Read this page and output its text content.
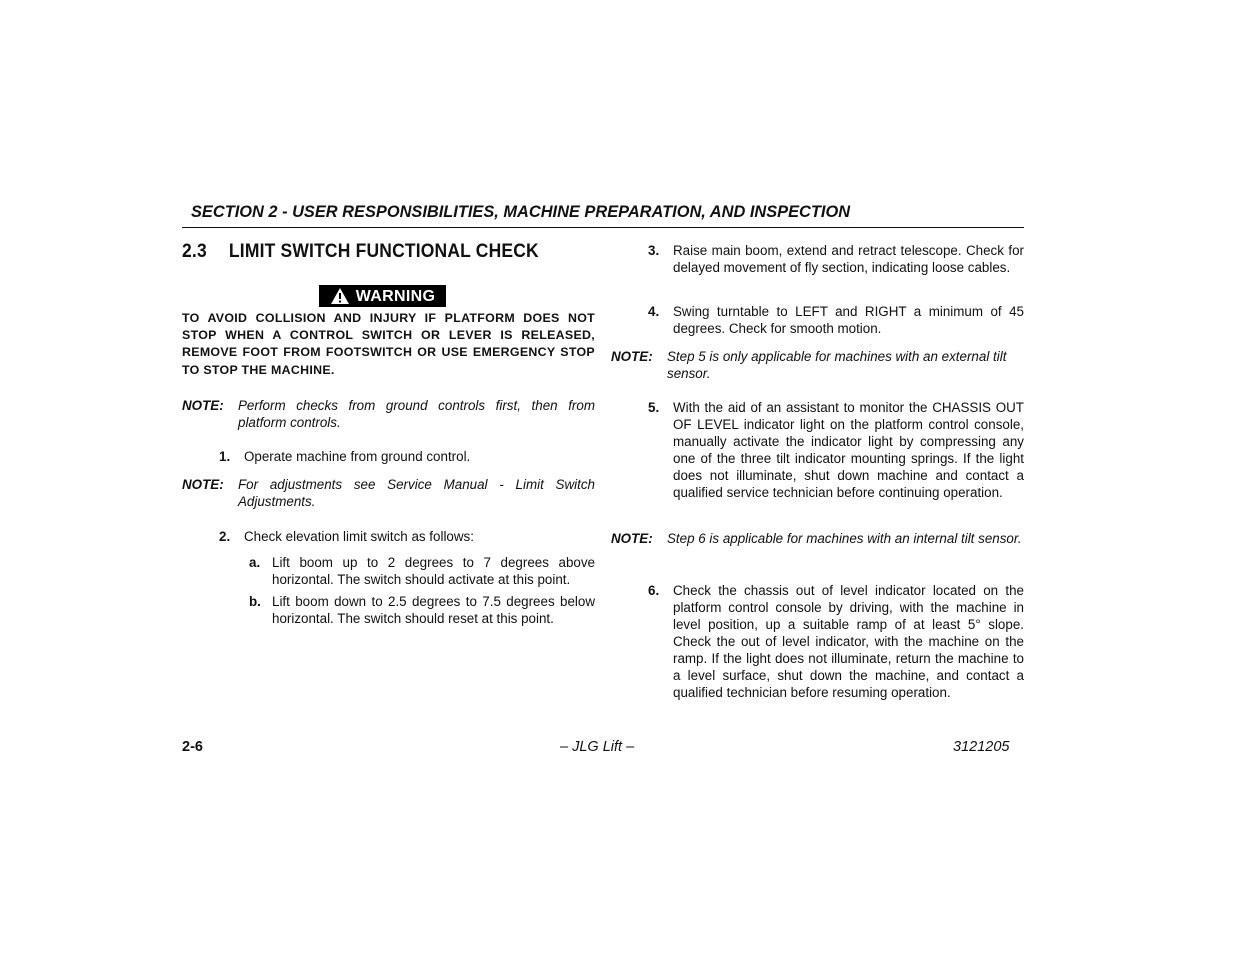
SECTION 2 - USER RESPONSIBILITIES, MACHINE PREPARATION, AND INSPECTION
2.3 LIMIT SWITCH FUNCTIONAL CHECK
WARNING
TO AVOID COLLISION AND INJURY IF PLATFORM DOES NOT STOP WHEN A CONTROL SWITCH OR LEVER IS RELEASED, REMOVE FOOT FROM FOOTSWITCH OR USE EMERGENCY STOP TO STOP THE MACHINE.
NOTE:	Perform checks from ground controls first, then from platform controls.
1.	Operate machine from ground control.
NOTE:	For adjustments see Service Manual - Limit Switch Adjustments.
2.	Check elevation limit switch as follows:
a. Lift boom up to 2 degrees to 7 degrees above horizontal. The switch should activate at this point.
b. Lift boom down to 2.5 degrees to 7.5 degrees below horizontal. The switch should reset at this point.
3.	Raise main boom, extend and retract telescope. Check for delayed movement of fly section, indicating loose cables.
4.	Swing turntable to LEFT and RIGHT a minimum of 45 degrees. Check for smooth motion.
NOTE:	Step 5 is only applicable for machines with an external tilt sensor.
5.	With the aid of an assistant to monitor the CHASSIS OUT OF LEVEL indicator light on the platform control console, manually activate the indicator light by compressing any one of the three tilt indicator mounting springs. If the light does not illuminate, shut down machine and contact a qualified service technician before continuing operation.
NOTE:	Step 6 is applicable for machines with an internal tilt sensor.
6.	Check the chassis out of level indicator located on the platform control console by driving, with the machine in level position, up a suitable ramp of at least 5° slope. Check the out of level indicator, with the machine on the ramp. If the light does not illuminate, return the machine to a level surface, shut down the machine, and contact a qualified technician before resuming operation.
2-6	– JLG Lift –	3121205
